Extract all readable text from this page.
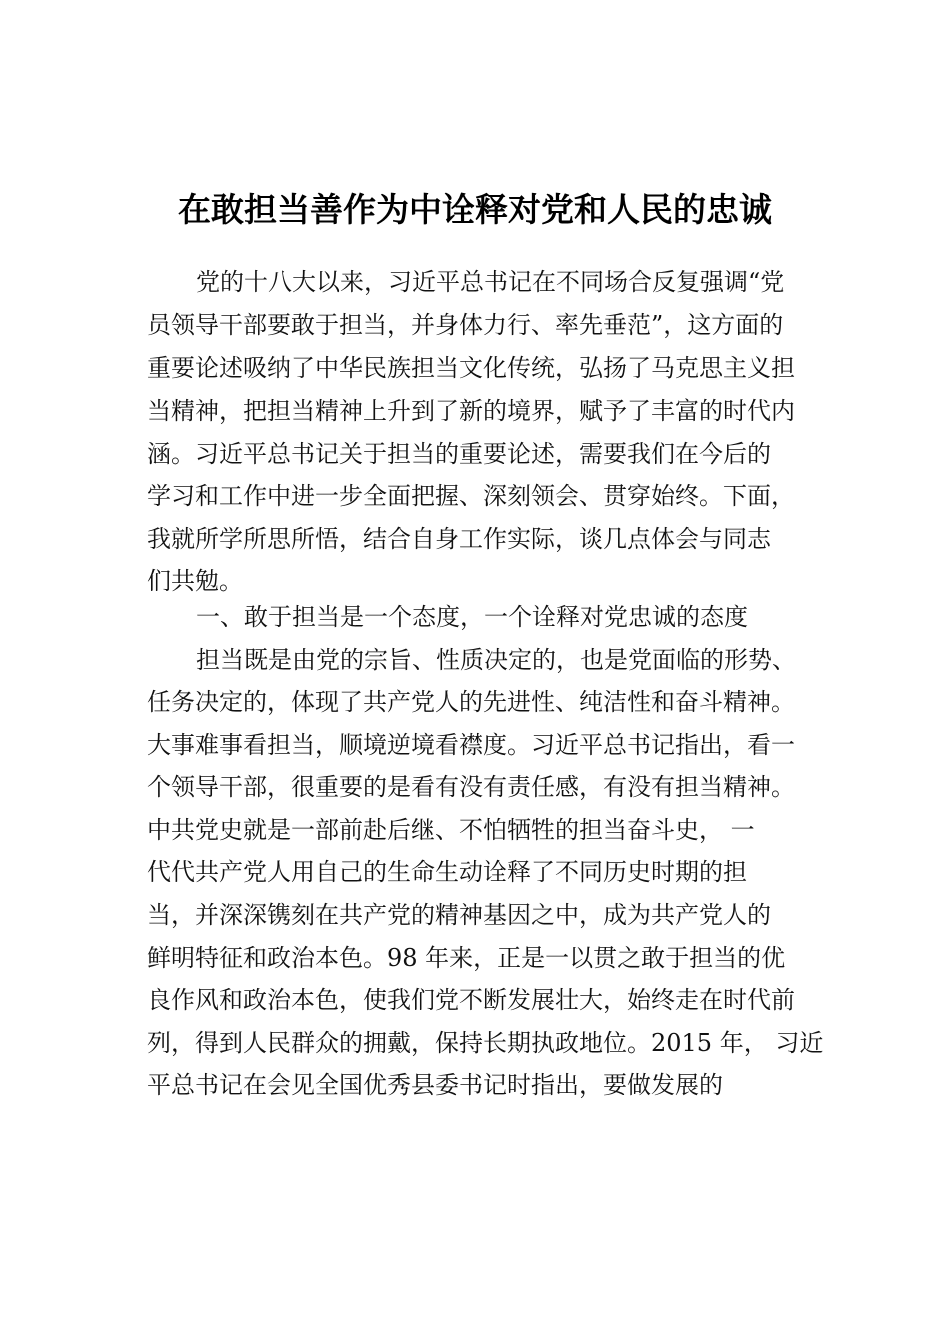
在敢担当善作为中诠释对党和人民的忠诚

党的十八大以来，习近平总书记在不同场合反复强调“党

员领导干部要敢于担当，并身体力行、率先垂范”，这方面的

重要论述吸纳了中华民族担当文化传统，弘扬了马克思主义担

当精神，把担当精神上升到了新的境界，赋予了丰富的时代内

涵。习近平总书记关于担当的重要论述，需要我们在今后的

学习和工作中进一步全面把握、深刻领会、贯穿始终。下面，

我就所学所思所悟，结合自身工作实际，谈几点体会与同志

们共勉。

一、敢于担当是一个态度，一个诠释对党忠诚的态度

担当既是由党的宗旨、性质决定的，也是党面临的形势、

任务决定的，体现了共产党人的先进性、纯洁性和奋斗精神。

大事难事看担当，顺境逆境看襟度。习近平总书记指出，看一

个领导干部，很重要的是看有没有责任感，有没有担当精神。

中共党史就是一部前赴后继、不怕牺牲的担当奋斗史， 一

代代共产党人用自己的生命生动诠释了不同历史时期的担

当，并深深镌刻在共产党的精神基因之中，成为共产党人的

鲜明特征和政治本色。98 年来，正是一以贯之敢于担当的优

良作风和政治本色，使我们党不断发展壮大，始终走在时代前

列，得到人民群众的拥戴，保持长期执政地位。2015 年， 习近

平总书记在会见全国优秀县委书记时指出，要做发展的
